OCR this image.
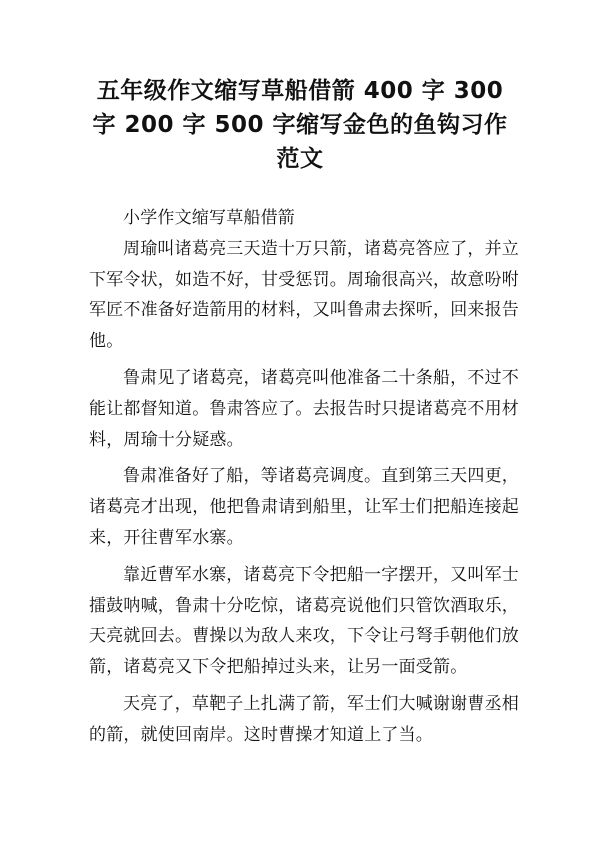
五年级作文缩写草船借箭 400 字 300
字 200 字 500 字缩写金色的鱼钩习作
范文

小学作文缩写草船借箭

周瑜叫诸葛亮三天造十万只箭，诸葛亮答应了，并立下军令状，如造不好，甘受惩罚。周瑜很高兴，故意吩咐军匠不准备好造箭用的材料，又叫鲁肃去探听，回来报告他。

鲁肃见了诸葛亮，诸葛亮叫他准备二十条船，不过不能让都督知道。鲁肃答应了。去报告时只提诸葛亮不用材料，周瑜十分疑惑。

鲁肃准备好了船，等诸葛亮调度。直到第三天四更，诸葛亮才出现，他把鲁肃请到船里，让军士们把船连接起来，开往曹军水寨。

靠近曹军水寨，诸葛亮下令把船一字摆开，又叫军士擂鼓呐喊，鲁肃十分吃惊，诸葛亮说他们只管饮酒取乐，天亮就回去。曹操以为敌人来攻，下令让弓弩手朝他们放箭，诸葛亮又下令把船掉过头来，让另一面受箭。

天亮了，草靶子上扎满了箭，军士们大喊谢谢曹丞相的箭，就使回南岸。这时曹操才知道上了当。
